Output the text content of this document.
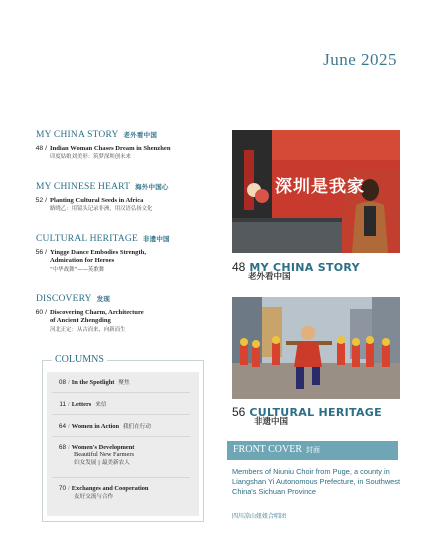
June 2025
MY CHINA STORY 老外看中国
48 / Indian Woman Chases Dream in Shenzhen
印度姑娘刘美形：筑梦深圳创未来
MY CHINESE HEART 海外中国心
52 / Planting Cultural Seeds in Africa
路晓乙：用镜头记录非洲，用汉语弘扬文化
CULTURAL HERITAGE 非遗中国
56 / Yingge Dance Embodies Strength,
Admiration for Heroes
“中华战舞”——英歌舞
DISCOVERY 发现
60 / Discovering Charm, Architecture
of Ancient Zhengding
河北正定：从古而来，向新而生
COLUMNS
08 / In the Spotlight 聚焦
11 / Letters 来信
64 / Women in Action 我们在行动
68 / Women's Development
Beautiful New Farmers
妇女发展 | 最美新农人
70 / Exchanges and Cooperation
友好交流与合作
深圳是我家
48 MY CHINA STORY
老外看中国
56 CULTURAL HERITAGE
非遗中国
FRONT COVER 封面
Members of Niuniu Choir from Puge, a county in Liangshan Yi Autonomous Prefecture, in Southwest China's Sichuan Province
四川凉山妞妞合唱团
